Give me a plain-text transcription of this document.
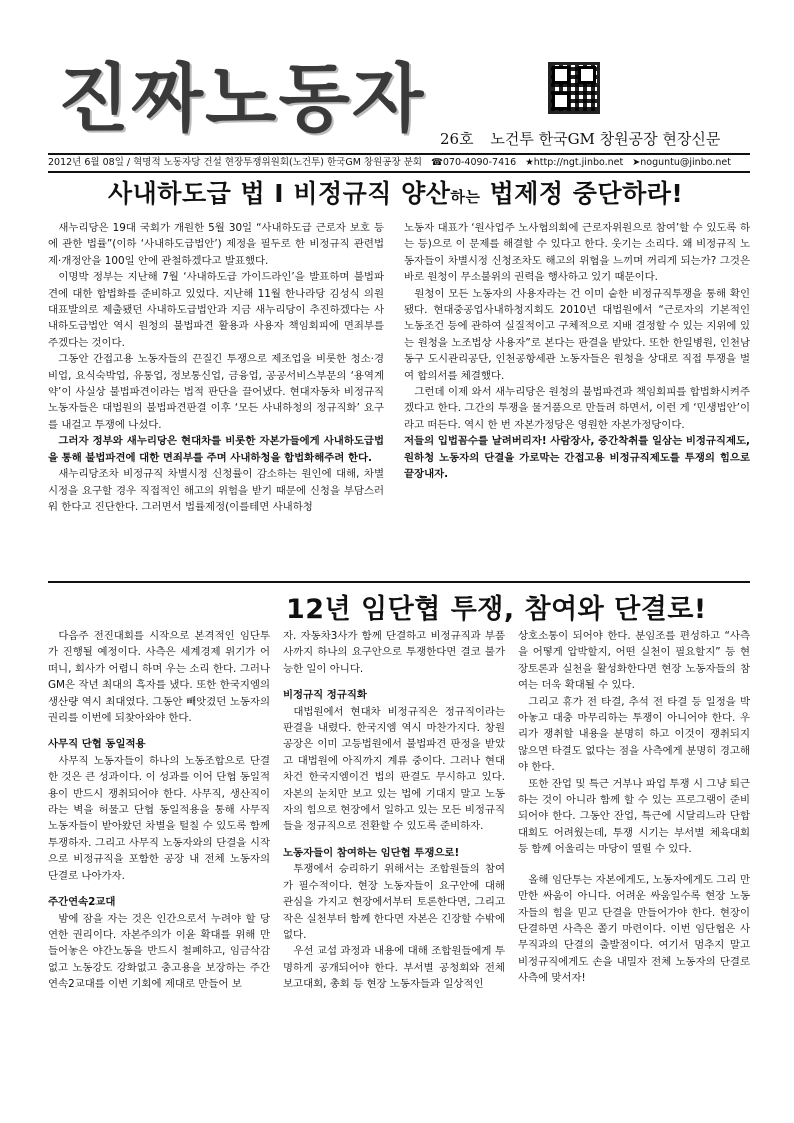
진짜노동자 26호 노건투 한국GM 창원공장 현장신문
2012년 6월 08일 / 혁명적 노동자당 건설 현장투쟁위원회(노건투) 한국GM 창원공장 분회 ☎070-4090-7416 ★http://ngt.jinbo.net ➤noguntu@jinbo.net
사내하도급 법 Ⅰ 비정규직 양산하는 법제정 중단하라!

새누리당은 19대 국회가 개원한 5월 30일 “사내하도급 근로자 보호 등에 관한 법률”(이하 ‘사내하도급법안’) 제정을 필두로 한 비정규직 관련법 제·개정안을 100일 안에 관철하겠다고 발표했다.

이명박 정부는 지난해 7월 ‘사내하도급 가이드라인’을 발표하며 불법파견에 대한 합법화를 준비하고 있었다. 지난해 11월 한나라당 김성식 의원 대표발의로 제출됐던 사내하도급법안과 지금 새누리당이 추진하겠다는 사내하도급법안 역시 원청의 불법파견 활용과 사용자 책임회피에 면죄부를 주겠다는 것이다.

그동안 간접고용 노동자들의 끈질긴 투쟁으로 제조업을 비롯한 청소·경비업, 요식숙박업, 유통업, 정보통신업, 금융업, 공공서비스부문의 ‘용역계약’이 사실상 불법파견이라는 법적 판단을 끌어냈다. 현대자동차 비정규직 노동자들은 대법원의 불법파견판결 이후 ‘모든 사내하청의 정규직화’ 요구를 내걸고 투쟁에 나섰다.

그러자 정부와 새누리당은 현대차를 비롯한 자본가들에게 사내하도급법을 통해 불법파견에 대한 면죄부를 주며 사내하청을 합법화해주려 한다.

새누리당조차 비정규직 차별시정 신청률이 감소하는 원인에 대해, 차별시정을 요구할 경우 직접적인 해고의 위험을 받기 때문에 신청을 부담스러워 한다고 진단한다. 그러면서 법률제정(이를테면 사내하청

노동자 대표가 ‘원사업주 노사협의회에 근로자위원으로 참여’할 수 있도록 하는 등)으로 이 문제를 해결할 수 있다고 한다. 웃기는 소리다. 왜 비정규직 노동자들이 차별시정 신청조차도 해고의 위협을 느끼며 꺼리게 되는가? 그것은 바로 원청이 무소불위의 권력을 행사하고 있기 때문이다.

원청이 모든 노동자의 사용자라는 건 이미 숱한 비정규직투쟁을 통해 확인됐다. 현대중공업사내하청지회도 2010년 대법원에서 “근로자의 기본적인 노동조건 등에 관하여 실질적이고 구체적으로 지배 결정할 수 있는 지위에 있는 원청을 노조법상 사용자”로 본다는 판결을 받았다. 또한 한일병원, 인천남동구 도시관리공단, 인천공항세관 노동자들은 원청을 상대로 직접 투쟁을 벌여 합의서를 체결했다.

그런데 이제 와서 새누리당은 원청의 불법파견과 책임회피를 합법화시켜주겠다고 한다. 그간의 투쟁을 물거품으로 만들려 하면서, 이런 게 ‘민생법안’이라고 떠든다. 역시 한 번 자본가정당은 영원한 자본가정당이다.

저들의 입법꼼수를 날려버리자! 사람장사, 중간착취를 일삼는 비정규직제도, 원하청 노동자의 단결을 가로막는 간접고용 비정규직제도를 투쟁의 힘으로 끝장내자.

12년 임단협 투쟁, 참여와 단결로!

다음주 전진대회를 시작으로 본격적인 임단투가 진행될 예정이다. 사측은 세계경제 위기가 어떠니, 회사가 어렵니 하며 우는 소리 한다. 그러나 GM은 작년 최대의 흑자를 냈다. 또한 한국지엠의 생산량 역시 최대였다. 그동안 빼앗겼던 노동자의 권리를 이번에 되찾아와야 한다.

사무직 단협 동일적용

사무직 노동자들이 하나의 노동조합으로 단결한 것은 큰 성과이다. 이 성과를 이어 단협 동일적용이 반드시 쟁취되어야 한다. 사무직, 생산직이라는 벽을 허물고 단협 동일적용을 통해 사무직 노동자들이 받아왔던 차별을 털칠 수 있도록 함께 투쟁하자. 그리고 사무직 노동자와의 단결을 시작으로 비정규직을 포함한 공장 내 전체 노동자의 단결로 나아가자.

주간연속2교대

밤에 잠을 자는 것은 인간으로서 누려야 할 당연한 권리이다. 자본주의가 이윤 확대를 위해 만들어놓은 야간노동을 반드시 철폐하고, 임금삭감 없고 노동강도 강화없고 충고용을 보장하는 주간연속2교대를 이번 기회에 제대로 만들어 보

자. 자동차3사가 함께 단결하고 비정규직과 부품사까지 하나의 요구안으로 투쟁한다면 결코 불가능한 일이 아니다.

비정규직 정규직화

대법원에서 현대차 비정규직은 정규직이라는 판결을 내렸다. 한국지엠 역시 마찬가지다. 창원공장은 이미 고등법원에서 불법파견 판정을 받았고 대법원에 아직까지 계류 중이다. 그러나 현대차건 한국지엠이건 법의 판결도 무시하고 있다. 자본의 눈치만 보고 있는 법에 기대지 말고 노동자의 힘으로 현장에서 일하고 있는 모든 비정규직들을 정규직으로 전환할 수 있도록 준비하자.

노동자들이 참여하는 임단협 투쟁으로!

투쟁에서 승리하기 위해서는 조합원들의 참여가 필수적이다. 현장 노동자들이 요구안에 대해 관심을 가지고 현장에서부터 토론한다면, 그리고 작은 실천부터 함께 한다면 자본은 긴장할 수밖에 없다.

우선 교섭 과정과 내용에 대해 조합원들에게 투명하게 공개되어야 한다. 부서별 공청회와 전체 보고대회, 총회 등 현장 노동자들과 일상적인

상호소통이 되어야 한다. 분임조를 편성하고 “사측을 어떻게 압박할지, 어떤 실천이 필요할지” 등 현장토론과 실천을 활성화한다면 현장 노동자들의 참여는 더욱 확대될 수 있다.

그리고 휴가 전 타결, 추석 전 타결 등 일정을 박아놓고 대충 마무리하는 투쟁이 아니어야 한다. 우리가 쟁취할 내용을 분명히 하고 이것이 쟁취되지 않으면 타결도 없다는 점을 사측에게 분명히 경고해야 한다.

또한 잔업 및 특근 거부나 파업 투쟁 시 그냥 퇴근하는 것이 아니라 함께 할 수 있는 프로그램이 준비되어야 한다. 그동안 잔업, 특근에 시달리느라 단합대회도 어려웠는데, 투쟁 시기는 부서별 체육대회 등 함께 어울리는 마당이 열릴 수 있다.

올해 임단투는 자본에게도, 노동자에게도 그리 만만한 싸움이 아니다. 어려운 싸움일수록 현장 노동자들의 힘을 믿고 단결을 만들어가야 한다. 현장이 단결하면 사측은 쫄기 마련이다. 이번 임단협은 사무직과의 단결의 출발점이다. 여기서 멈추지 말고 비정규직에게도 손을 내밀자 전체 노동자의 단결로 사측에 맞서자!
